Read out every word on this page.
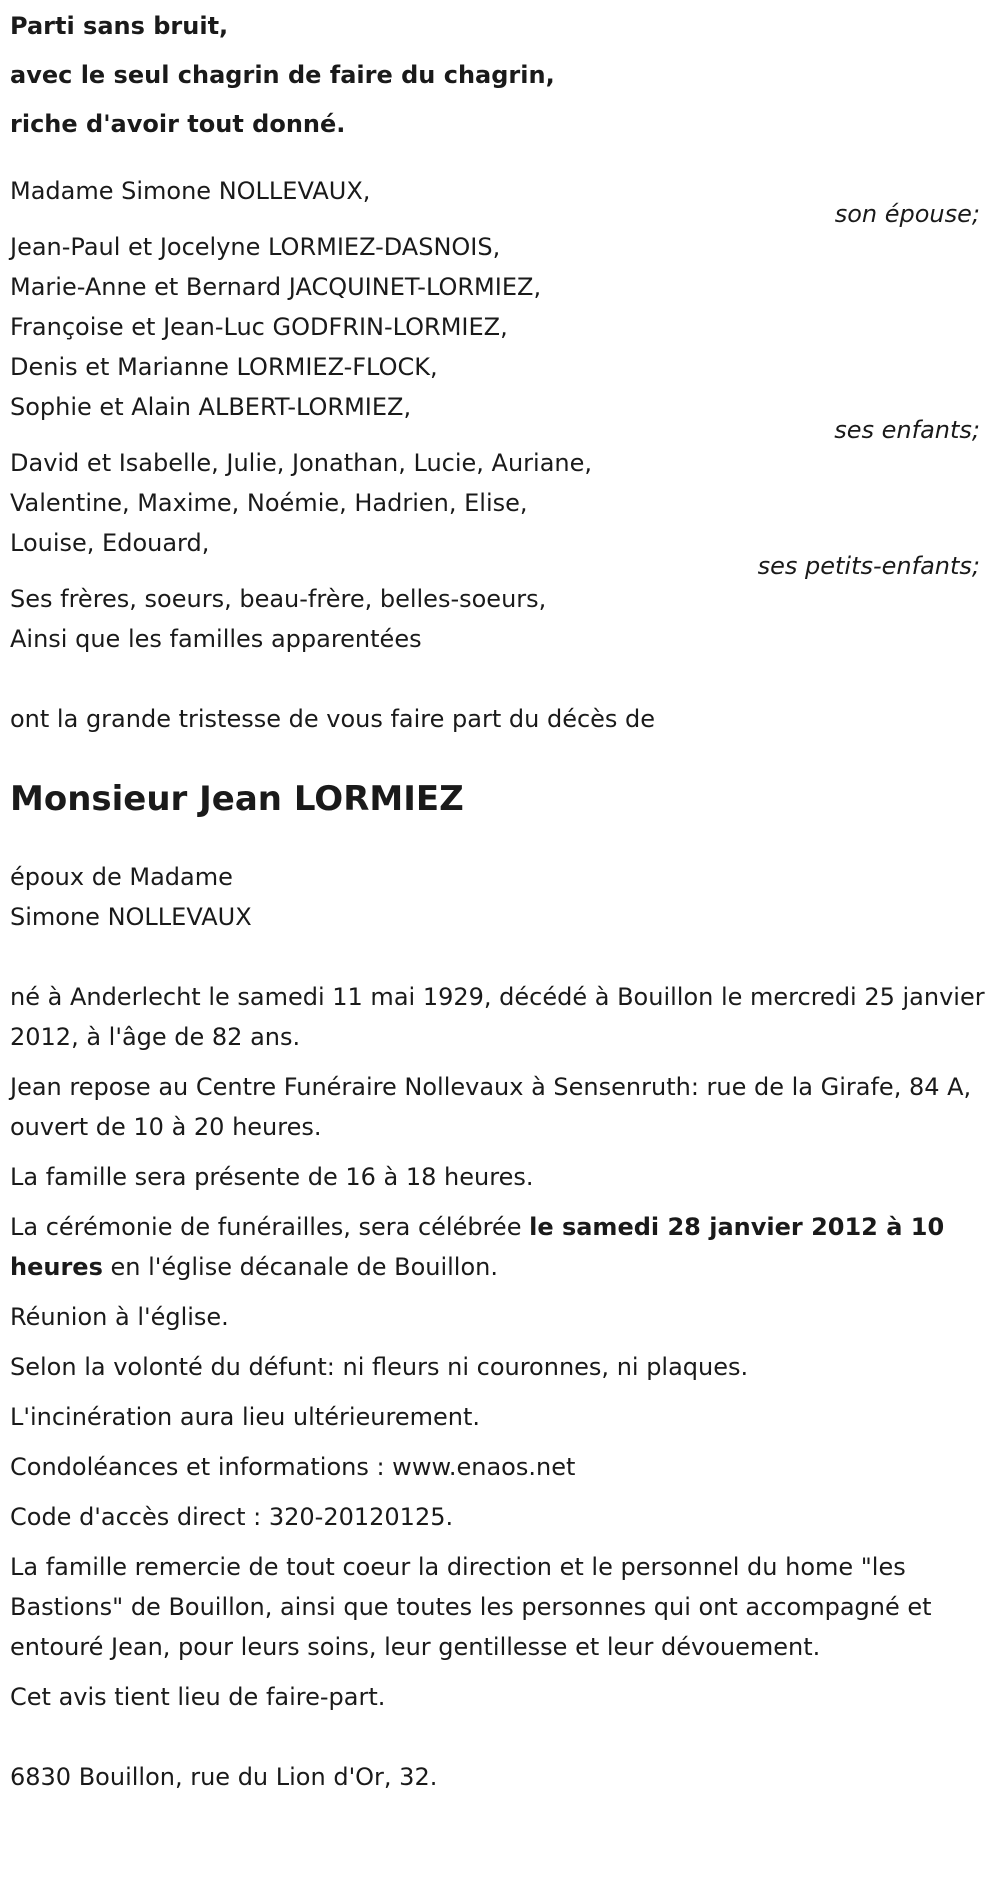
Parti sans bruit,
avec le seul chagrin de faire du chagrin,
riche d'avoir tout donné.
Madame Simone NOLLEVAUX,
son épouse;
Jean-Paul et Jocelyne LORMIEZ-DASNOIS,
Marie-Anne et Bernard JACQUINET-LORMIEZ,
Françoise et Jean-Luc GODFRIN-LORMIEZ,
Denis et Marianne LORMIEZ-FLOCK,
Sophie et Alain ALBERT-LORMIEZ,
ses enfants;
David et Isabelle, Julie, Jonathan, Lucie, Auriane,
Valentine, Maxime, Noémie, Hadrien, Elise,
Louise, Edouard,
ses petits-enfants;
Ses frères, soeurs, beau-frère, belles-soeurs,
Ainsi que les familles apparentées
ont la grande tristesse de vous faire part du décès de
Monsieur Jean LORMIEZ
époux de Madame
Simone NOLLEVAUX
né à Anderlecht le samedi 11 mai 1929, décédé à Bouillon le mercredi 25 janvier 2012, à l'âge de 82 ans.
Jean repose au Centre Funéraire Nollevaux à Sensenruth: rue de la Girafe, 84 A, ouvert de 10 à 20 heures.
La famille sera présente de 16 à 18 heures.
La cérémonie de funérailles, sera célébrée le samedi 28 janvier 2012 à 10 heures en l'église décanale de Bouillon.
Réunion à l'église.
Selon la volonté du défunt: ni fleurs ni couronnes, ni plaques.
L'incinération aura lieu ultérieurement.
Condoléances et informations : www.enaos.net
Code d'accès direct : 320-20120125.
La famille remercie de tout coeur la direction et le personnel du home "les Bastions" de Bouillon, ainsi que toutes les personnes qui ont accompagné et entouré Jean, pour leurs soins, leur gentillesse et leur dévouement.
Cet avis tient lieu de faire-part.
6830 Bouillon, rue du Lion d'Or, 32.
